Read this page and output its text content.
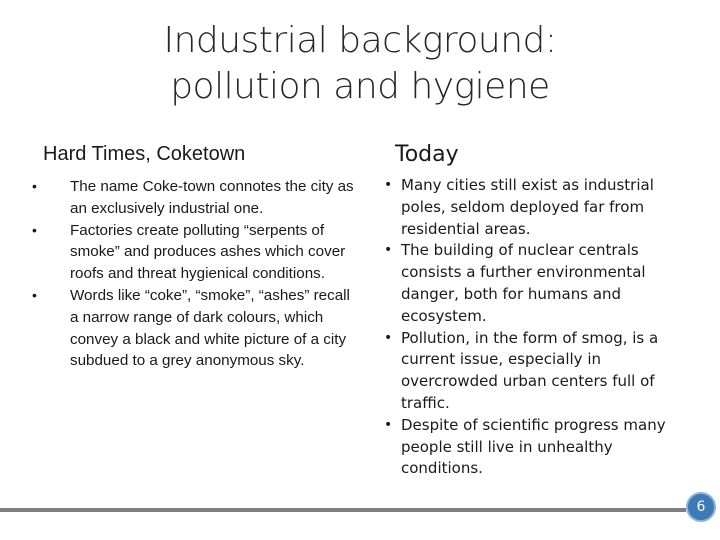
Industrial background:
pollution and hygiene
Hard Times, Coketown	Today
• The name Coke-town connotes the city as an exclusively industrial one.
• Factories create polluting “serpents of smoke” and produces ashes which cover roofs and threat hygienical conditions.
• Words like “coke”, “smoke”, “ashes” recall a narrow range of dark colours, which convey a black and white picture of a city subdued to a grey anonymous sky.
• Many cities still exist as industrial poles, seldom deployed far from residential areas.
• The building of nuclear centrals consists a further environmental danger, both for humans and ecosystem.
• Pollution, in the form of smog, is a current issue, especially in overcrowded urban centers full of traffic.
• Despite of scientific progress many people still live in unhealthy conditions.
6
